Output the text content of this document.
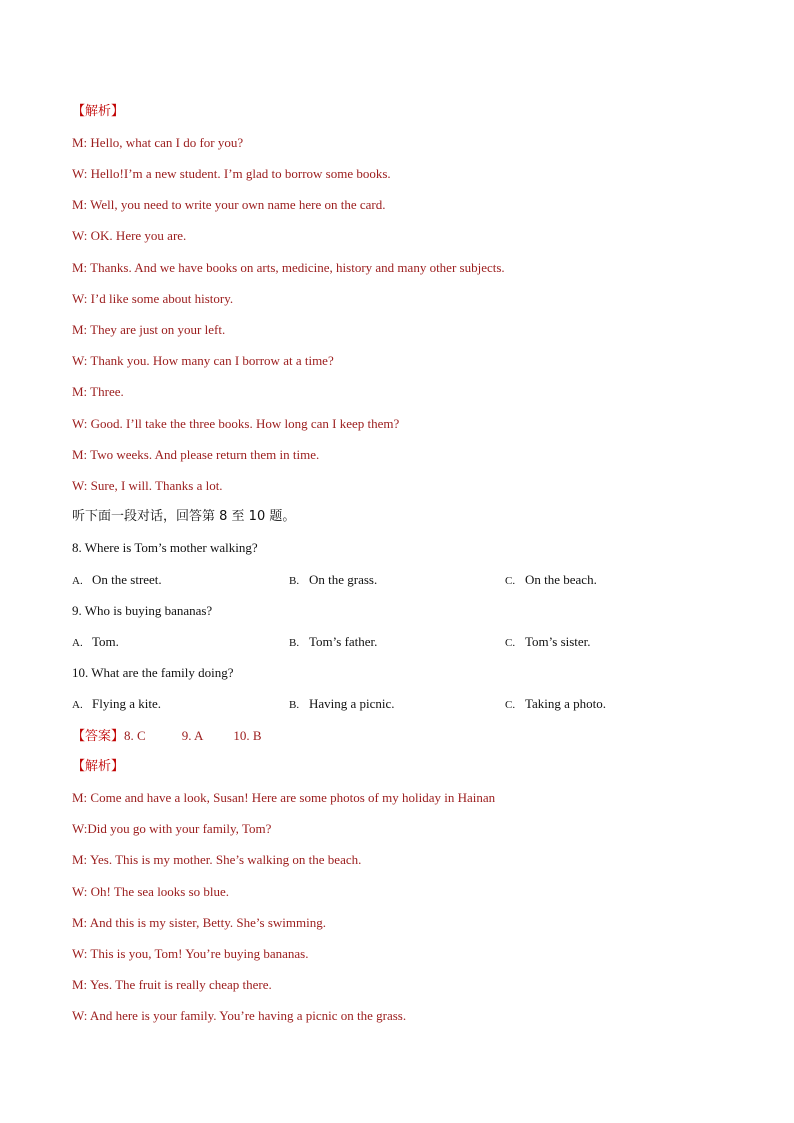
【解析】
M: Hello, what can I do for you?
W: Hello!I’m a new student. I’m glad to borrow some books.
M: Well, you need to write your own name here on the card.
W: OK. Here you are.
M: Thanks. And we have books on arts, medicine, history and many other subjects.
W: I’d like some about history.
M: They are just on your left.
W: Thank you. How many can I borrow at a time?
M: Three.
W: Good. I’ll take the three books. How long can I keep them?
M: Two weeks. And please return them in time.
W: Sure, I will. Thanks a lot.
听下面一段对话，回答第 8 至 10 题。
8. Where is Tom’s mother walking?
A. On the street.	B. On the grass.	C. On the beach.
9. Who is buying bananas?
A. Tom.	B. Tom’s father.	C. Tom’s sister.
10. What are the family doing?
A. Flying a kite.	B. Having a picnic.	C. Taking a photo.
【答案】8. C	9. A 10. B
【解析】
M: Come and have a look, Susan! Here are some photos of my holiday in Hainan
W:Did you go with your family, Tom?
M: Yes. This is my mother. She’s walking on the beach.
W: Oh! The sea looks so blue.
M: And this is my sister, Betty. She’s swimming.
W: This is you, Tom! You’re buying bananas.
M: Yes. The fruit is really cheap there.
W: And here is your family. You’re having a picnic on the grass.
